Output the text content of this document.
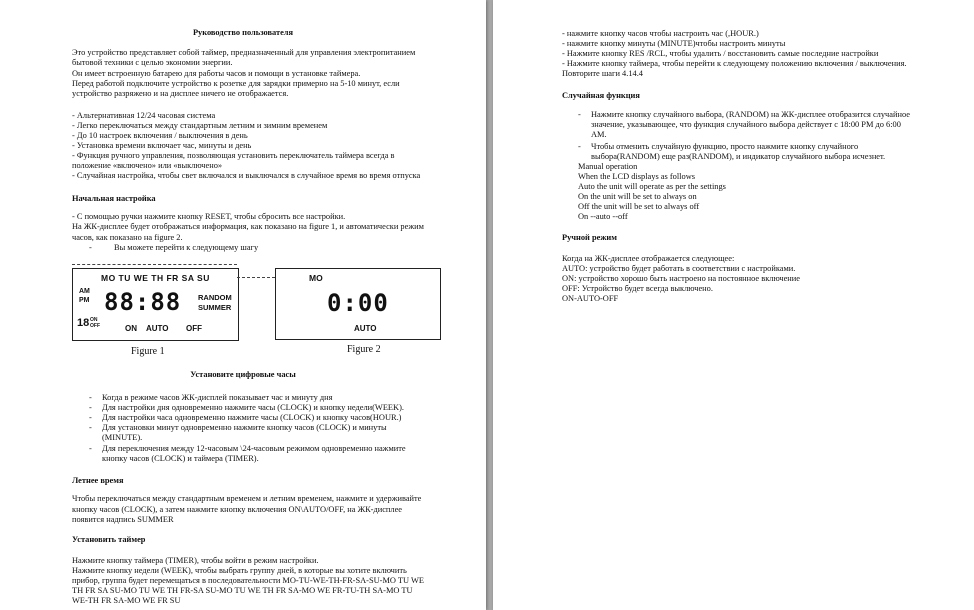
Руководство пользователя
Это устройство представляет собой таймер, предназначенный для управления электропитанием
бытовой техники с целью экономии энергии.
Он имеет встроенную батарею для работы часов и помощи в установке таймера.
Перед работой подключите устройство к розетке для зарядки примерно на 5-10 минут, если
устройство разряжено и на дисплее ничего не отображается.
- Альтернативная 12/24 часовая система
- Легко переключаться между стандартным летним и зимним временем
- До 10 настроек включения / выключения в день
- Установка времени включает час, минуты и день
- Функция ручного управления, позволяющая установить переключатель таймера всегда в
положение «включено» или «выключено»
- Случайная настройка, чтобы свет включался и выключался в случайное время во время отпуска
Начальная настройка
- С помощью ручки нажмите кнопку RESET, чтобы сбросить все настройки.
На ЖК-дисплее будет отображаться информация, как показано на figure 1, и автоматически режим
часов, как показано на figure 2.
-	Вы можете перейти к следующему шагу
MO TU WE TH FR SA SU
AM
PM 88:88 RANDOM
SUMMER
18 ON
OFF	ON AUTO OFF
Figure 1
MO
0:00
AUTO
Figure 2
Установите цифровые часы
- Когда в режиме часов ЖК-дисплей показывает час и минуту дня
- Для настройки дня одновременно нажмите часы (CLOCK) и кнопку недели(WEEK).
- Для настройки часа одновременно нажмите часы (CLOCK) и кнопку часов(HOUR.)
- Для установки минут одновременно нажмите кнопку часов (CLOCK) и минуты
(MINUTE).
- Для переключения между 12-часовым \24-часовым режимом одновременно нажмите
кнопку часов (CLOCK) и таймера (TIMER).
Летнее время
Чтобы переключаться между стандартным временем и летним временем, нажмите и удерживайте
кнопку часов (CLOCK), а затем нажмите кнопку включения ON\AUTO/OFF, на ЖК-дисплее
появится надпись SUMMER
Установить таймер
Нажмите кнопку таймера (TIMER), чтобы войти в режим настройки.
Нажмите кнопку недели (WEEK), чтобы выбрать группу дней, в которые вы хотите включить
прибор, группа будет перемещаться в последовательности MO-TU-WE-TH-FR-SA-SU-MO TU WE
TH FR SA SU-MO TU WE TH FR-SA SU-MO TU WE TH FR SA-MO WE FR-TU-TH SA-MO TU
WE-TH FR SA-MO WE FR SU
- нажмите кнопку часов чтобы настроить час (,HOUR.)
- нажмите кнопку минуты (MINUTE)чтобы настроить минуты
- Нажмите кнопку RES /RCL, чтобы удалить / восстановить самые последние настройки
- Нажмите кнопку таймера, чтобы перейти к следующему положению включения / выключения.
Повторите шаги 4.14.4
Случайная функция
- Нажмите кнопку случайного выбора, (RANDOM) на ЖК-дисплее отобразится случайное
значение, указывающее, что функция случайного выбора действует с 18:00 PM до 6:00
AM.
- Чтобы отменить случайную функцию, просто нажмите кнопку случайного
выбора(RANDOM) еще раз(RANDOM), и индикатор случайного выбора исчезнет.
Manual operation
When the LCD displays as follows
Auto the unit will operate as per the settings
On the unit will be set to always on
Off the unit will be set to always off
On --auto --off
Ручной режим
Когда на ЖК-дисплее отображается следующее:
AUTO: устройство будет работать в соответствии с настройками.
ON: устройство хорошо быть настроено на постоянное включение
OFF: Устройство будет всегда выключено.
ON-AUTO-OFF
